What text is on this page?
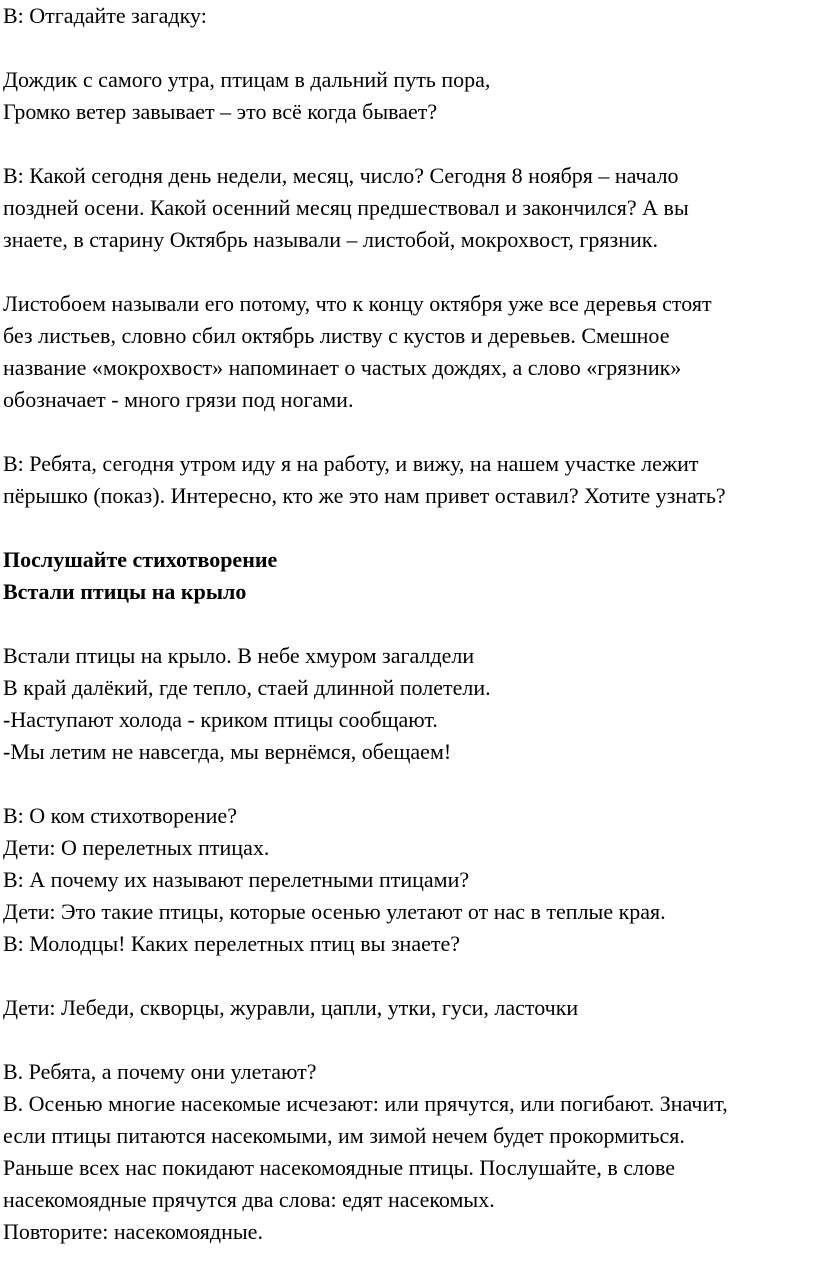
В: Отгадайте загадку:
Дождик с самого утра, птицам в дальний путь пора,
Громко ветер завывает – это всё когда бывает?
В: Какой сегодня день недели, месяц, число? Сегодня 8 ноября – начало
поздней осени. Какой осенний месяц предшествовал и закончился? А вы
знаете, в старину Октябрь называли – листобой, мокрохвост, грязник.
Листобоем называли его потому, что к концу октября уже все деревья стоят
без листьев, словно сбил октябрь листву с кустов и деревьев. Смешное
название «мокрохвост» напоминает о частых дождях, а слово «грязник»
обозначает - много грязи под ногами.
В: Ребята, сегодня утром иду я на работу, и вижу, на нашем участке лежит
пёрышко (показ). Интересно, кто же это нам привет оставил? Хотите узнать?
Послушайте стихотворение
Встали птицы на крыло
Встали птицы на крыло. В небе хмуром загалдели
В край далёкий, где тепло, стаей длинной полетели.
-Наступают холода - криком птицы сообщают.
-Мы летим не навсегда, мы вернёмся, обещаем!
В: О ком стихотворение?
Дети: О перелетных птицах.
В: А почему их называют перелетными птицами?
Дети: Это такие птицы, которые осенью улетают от нас в теплые края.
В: Молодцы! Каких перелетных птиц вы знаете?
Дети: Лебеди, скворцы, журавли, цапли, утки, гуси, ласточки
В. Ребята, а почему они улетают?
В. Осенью многие насекомые исчезают: или прячутся, или погибают. Значит,
если птицы питаются насекомыми, им зимой нечем будет прокормиться.
Раньше всех нас покидают насекомоядные птицы. Послушайте, в слове
насекомоядные прячутся два слова: едят насекомых.
Повторите: насекомоядные.
